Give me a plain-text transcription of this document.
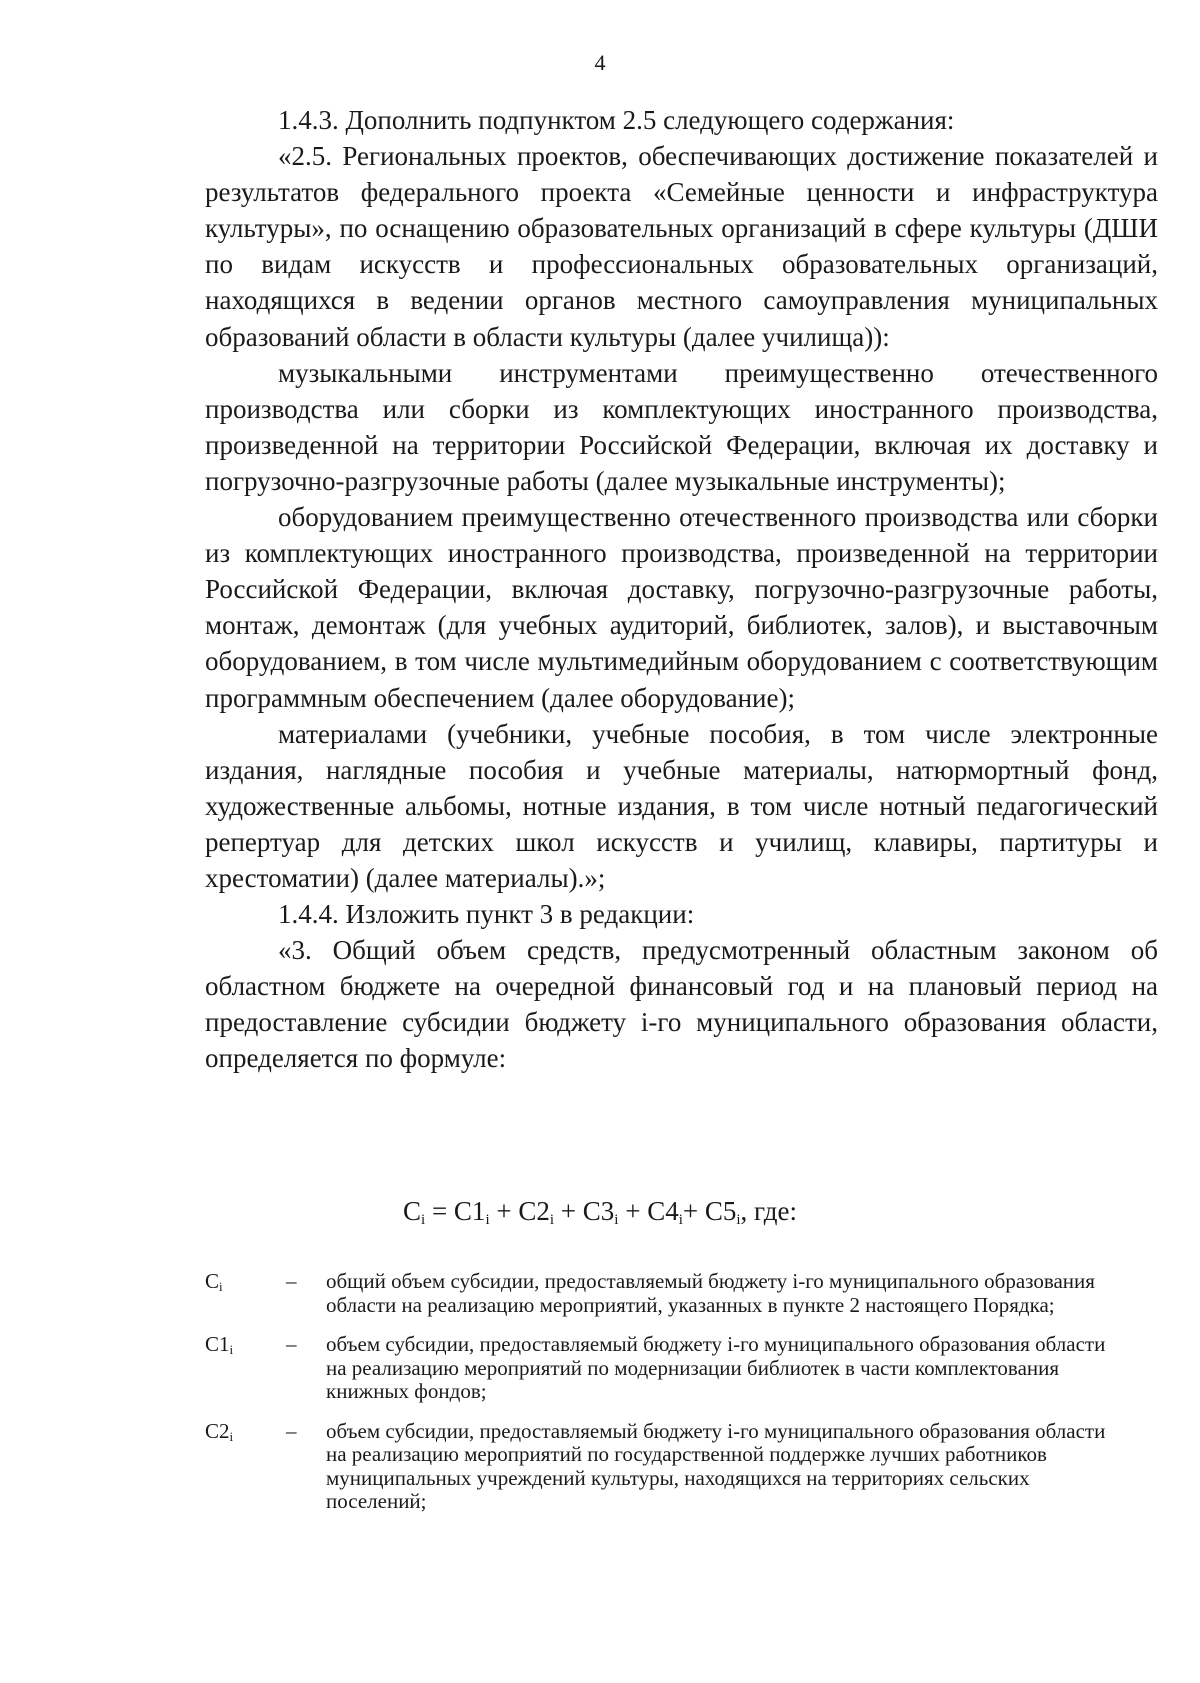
4

1.4.3. Дополнить подпунктом 2.5 следующего содержания:

«2.5. Региональных проектов, обеспечивающих достижение показателей и результатов федерального проекта «Семейные ценности и инфраструктура культуры», по оснащению образовательных организаций в сфере культуры (ДШИ по видам искусств и профессиональных образовательных организаций, находящихся в ведении органов местного самоуправления муниципальных образований области в области культуры (далее училища)):

музыкальными инструментами преимущественно отечественного производства или сборки из комплектующих иностранного производства, произведенной на территории Российской Федерации, включая их доставку и погрузочно-разгрузочные работы (далее музыкальные инструменты);

оборудованием преимущественно отечественного производства или сборки из комплектующих иностранного производства, произведенной на территории Российской Федерации, включая доставку, погрузочно-разгрузочные работы, монтаж, демонтаж (для учебных аудиторий, библиотек, залов), и выставочным оборудованием, в том числе мультимедийным оборудованием с соответствующим программным обеспечением (далее оборудование);

материалами (учебники, учебные пособия, в том числе электронные издания, наглядные пособия и учебные материалы, натюрмортный фонд, художественные альбомы, нотные издания, в том числе нотный педагогический репертуар для детских школ искусств и училищ, клавиры, партитуры и хрестоматии) (далее материалы).»;

1.4.4. Изложить пункт 3 в редакции:

«3. Общий объем средств, предусмотренный областным законом об областном бюджете на очередной финансовый год и на плановый период на предоставление субсидии бюджету i-го муниципального образования области, определяется по формуле:

$C_i = C1_i + C2_i + C3_i + C4_i+ C5_i$, где:
$C_i$	–	общий объем субсидии, предоставляемый бюджету i-го муниципального образования области на реализацию мероприятий, указанных в пункте 2 настоящего Порядка;
$C1_i$	–	объем субсидии, предоставляемый бюджету i-го муниципального образования области на реализацию мероприятий по модернизации библиотек в части комплектования книжных фондов;
$C2_i$	–	объем субсидии, предоставляемый бюджету i-го муниципального образования области на реализацию мероприятий по государственной поддержке лучших работников муниципальных учреждений культуры, находящихся на территориях сельских поселений;
